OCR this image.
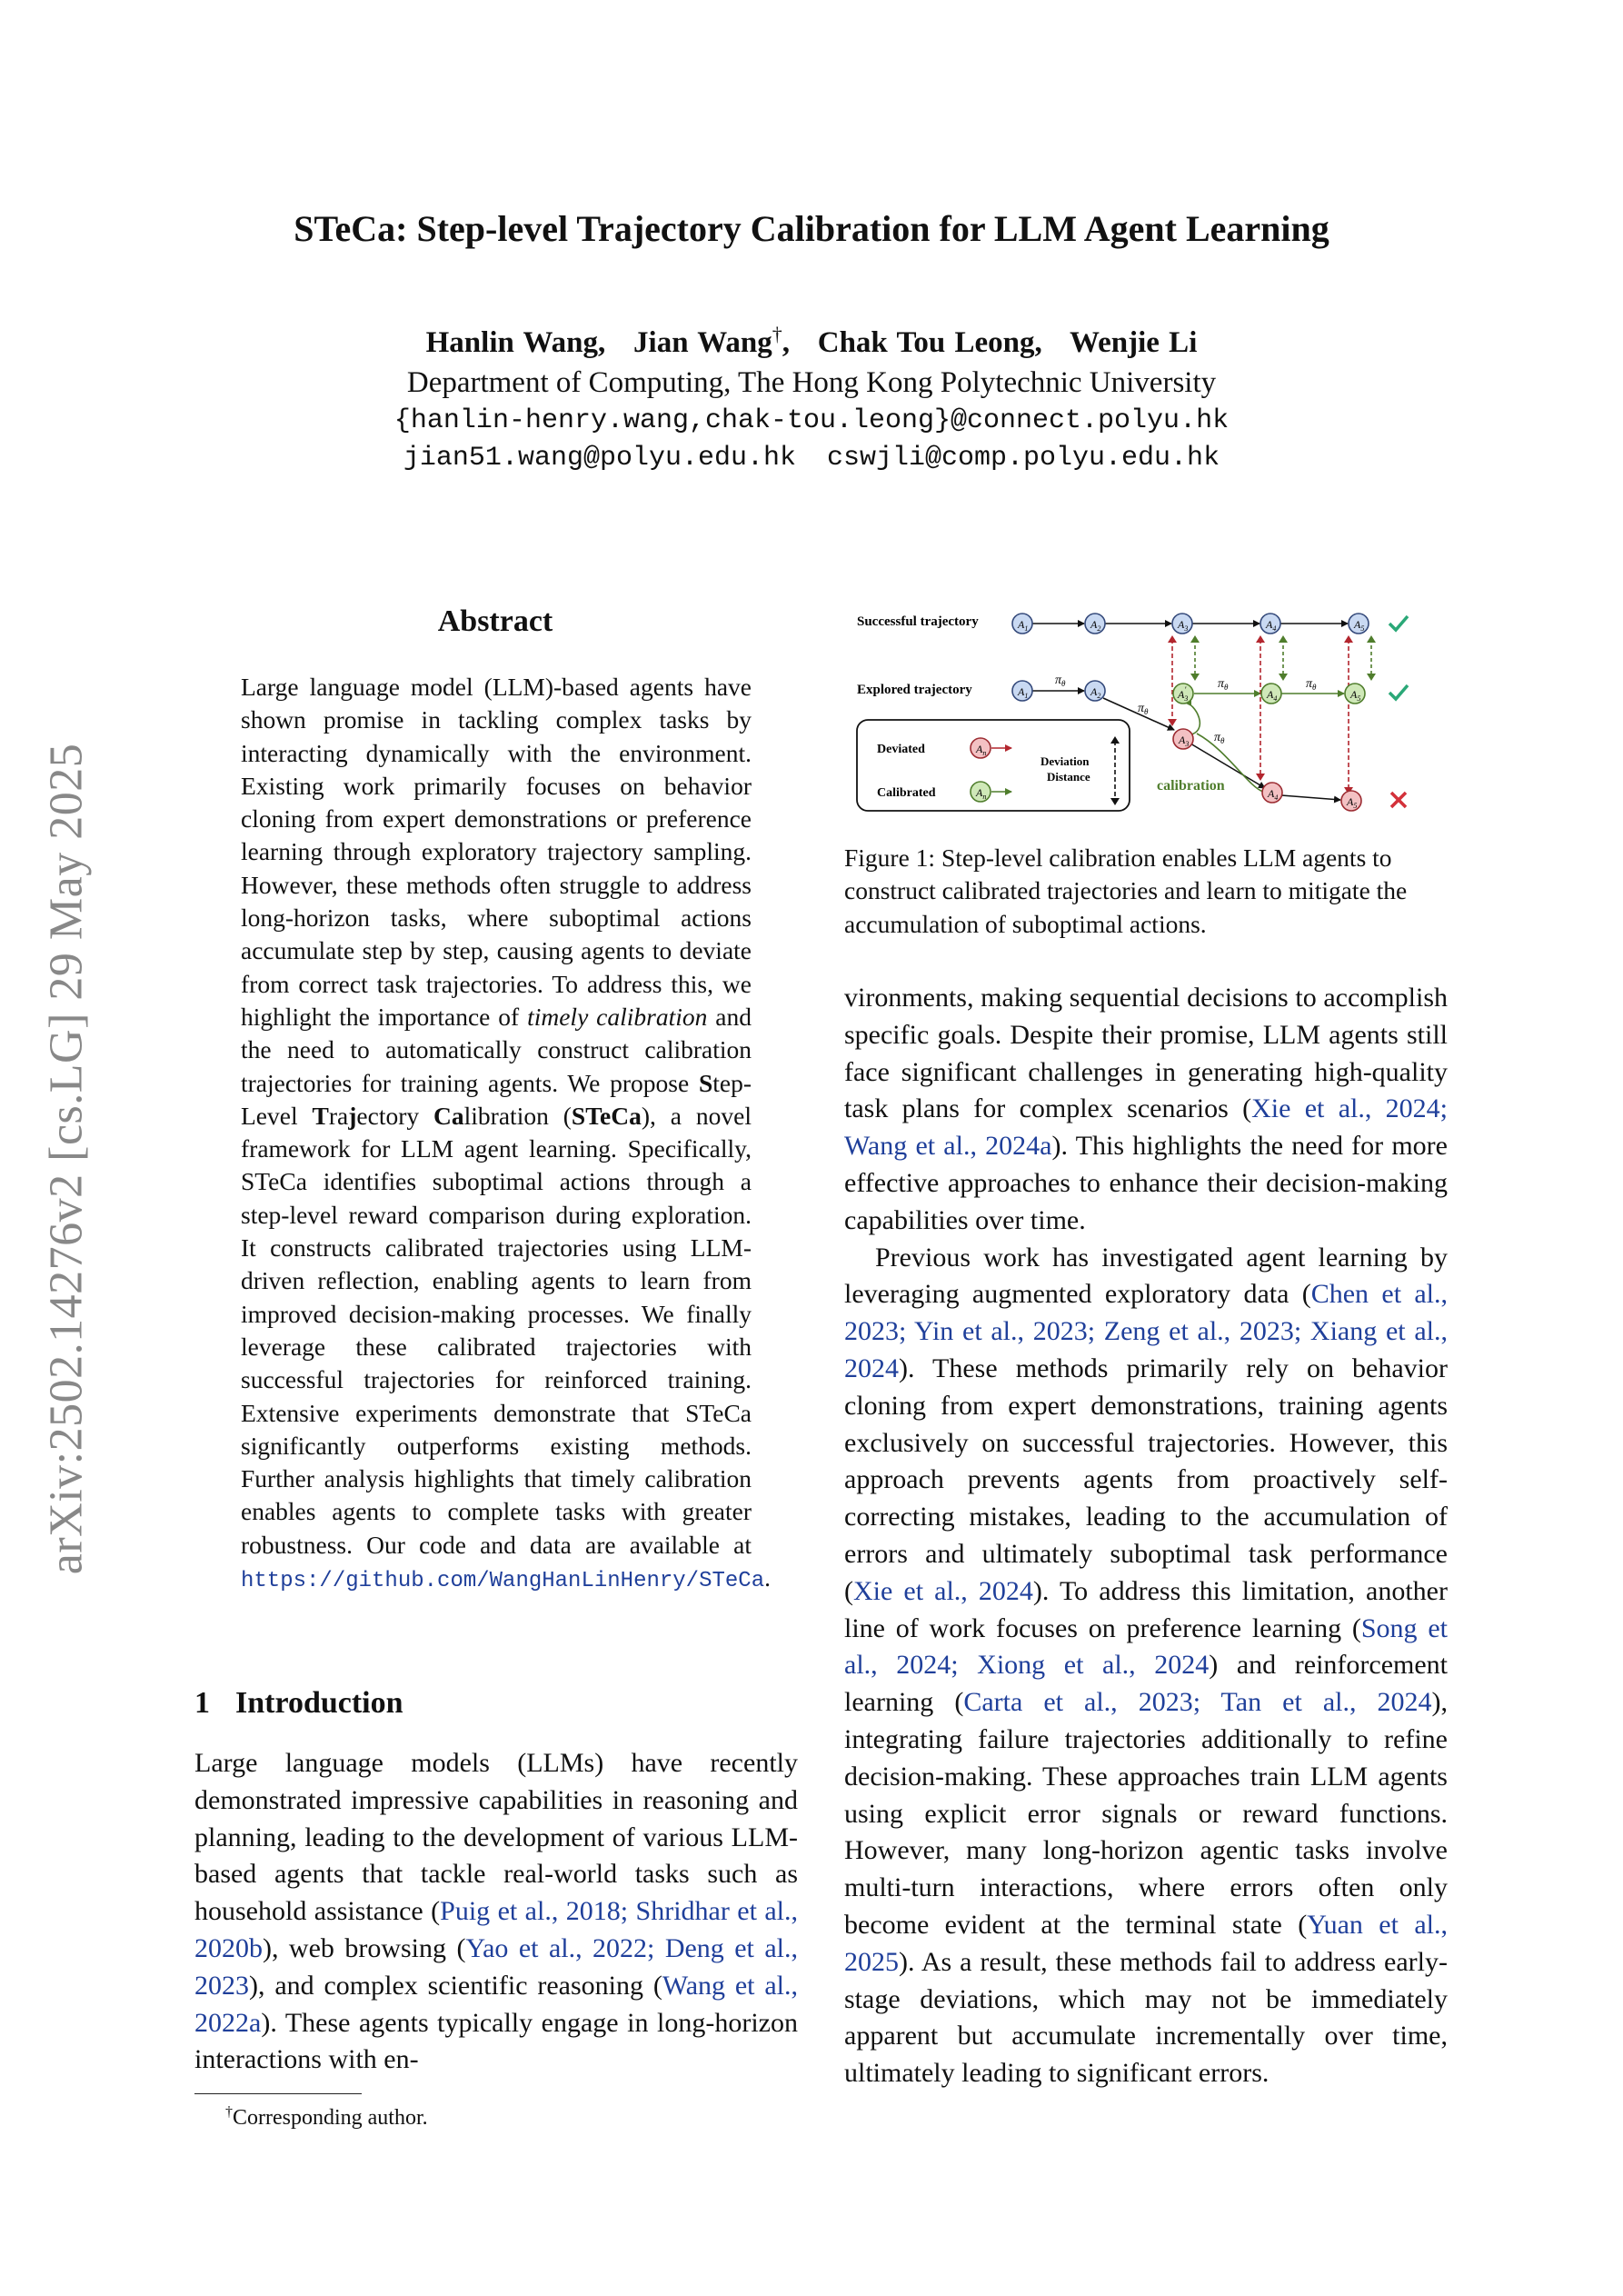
arXiv:2502.14276v2 [cs.LG] 29 May 2025
STeCa: Step-level Trajectory Calibration for LLM Agent Learning
Hanlin Wang, Jian Wang†, Chak Tou Leong, Wenjie Li
Department of Computing, The Hong Kong Polytechnic University
{hanlin-henry.wang,chak-tou.leong}@connect.polyu.hk
jian51.wang@polyu.edu.hk cswjli@comp.polyu.edu.hk
Abstract
Large language model (LLM)-based agents have shown promise in tackling complex tasks by interacting dynamically with the environment. Existing work primarily focuses on behavior cloning from expert demonstrations or preference learning through exploratory trajectory sampling. However, these methods often struggle to address long-horizon tasks, where suboptimal actions accumulate step by step, causing agents to deviate from correct task trajectories. To address this, we highlight the importance of timely calibration and the need to automatically construct calibration trajectories for training agents. We propose Step-Level Trajectory Calibration (STeCa), a novel framework for LLM agent learning. Specifically, STeCa identifies suboptimal actions through a step-level reward comparison during exploration. It constructs calibrated trajectories using LLM-driven reflection, enabling agents to learn from improved decision-making processes. We finally leverage these calibrated trajectories with successful trajectories for reinforced training. Extensive experiments demonstrate that STeCa significantly outperforms existing methods. Further analysis highlights that timely calibration enables agents to complete tasks with greater robustness. Our code and data are available at https://github.com/WangHanLinHenry/STeCa.
1 Introduction
Large language models (LLMs) have recently demonstrated impressive capabilities in reasoning and planning, leading to the development of various LLM-based agents that tackle real-world tasks such as household assistance (Puig et al., 2018; Shridhar et al., 2020b), web browsing (Yao et al., 2022; Deng et al., 2023), and complex scientific reasoning (Wang et al., 2022a). These agents typically engage in long-horizon interactions with en-
†Corresponding author.
Successful trajectory
Explored trajectory
$A_1$	$A_2$	$A_3$	$A_4$	$A_5$
$A_1$	$A_2$	$A_3'$	$A_4$	$A_5$
$A_3$
$A_4$	$A_5$
$\pi_\theta$
$\pi_\theta$
$\pi_\theta$	$\pi_\theta$
$\pi_\theta$
calibration
Deviated	$A_n$
Calibrated	$A_n$
Deviation
Distance
Figure 1: Step-level calibration enables LLM agents to construct calibrated trajectories and learn to mitigate the accumulation of suboptimal actions.

vironments, making sequential decisions to accomplish specific goals. Despite their promise, LLM agents still face significant challenges in generating high-quality task plans for complex scenarios (Xie et al., 2024; Wang et al., 2024a). This highlights the need for more effective approaches to enhance their decision-making capabilities over time.

Previous work has investigated agent learning by leveraging augmented exploratory data (Chen et al., 2023; Yin et al., 2023; Zeng et al., 2023; Xiang et al., 2024). These methods primarily rely on behavior cloning from expert demonstrations, training agents exclusively on successful trajectories. However, this approach prevents agents from proactively self-correcting mistakes, leading to the accumulation of errors and ultimately suboptimal task performance (Xie et al., 2024). To address this limitation, another line of work focuses on preference learning (Song et al., 2024; Xiong et al., 2024) and reinforcement learning (Carta et al., 2023; Tan et al., 2024), integrating failure trajectories additionally to refine decision-making. These approaches train LLM agents using explicit error signals or reward functions. However, many long-horizon agentic tasks involve multi-turn interactions, where errors often only become evident at the terminal state (Yuan et al., 2025). As a result, these methods fail to address early-stage deviations, which may not be immediately apparent but accumulate incrementally over time, ultimately leading to significant errors.
